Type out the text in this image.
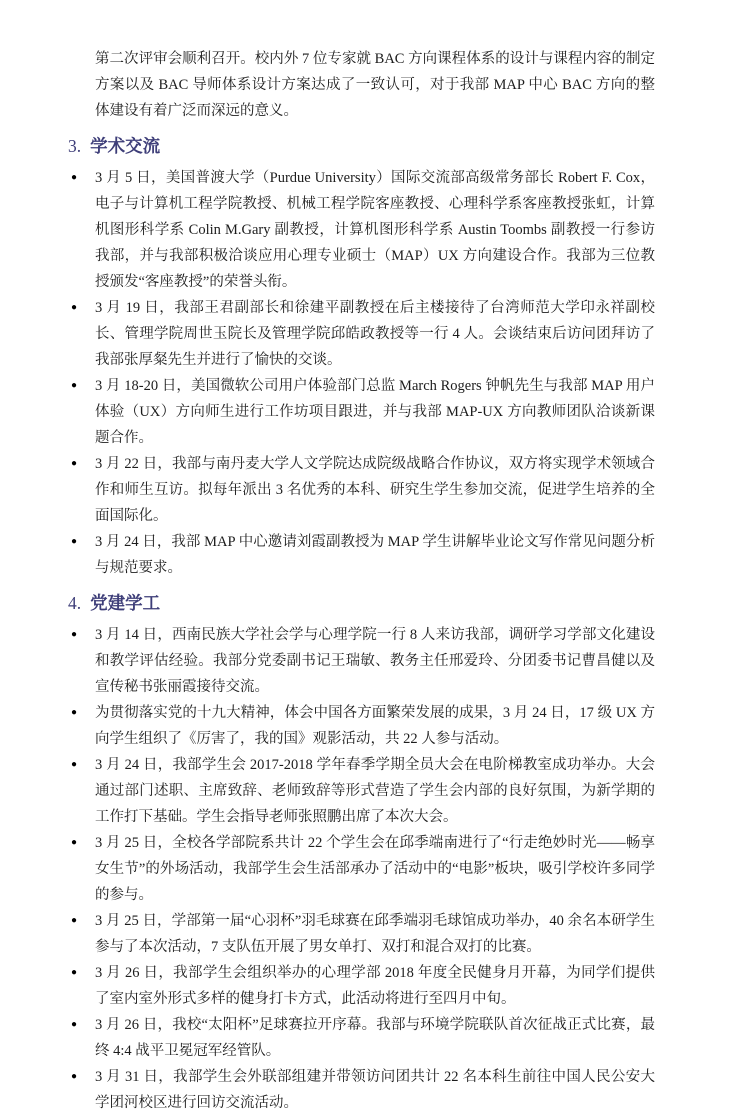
第二次评审会顺利召开。校内外 7 位专家就 BAC 方向课程体系的设计与课程内容的制定方案以及 BAC 导师体系设计方案达成了一致认可，对于我部 MAP 中心 BAC 方向的整体建设有着广泛而深远的意义。

3. 学术交流
●	3 月 5 日，美国普渡大学（Purdue University）国际交流部高级常务部长 Robert F. Cox，电子与计算机工程学院教授、机械工程学院客座教授、心理科学系客座教授张虹，计算机图形科学系 Colin M.Gary 副教授，计算机图形科学系 Austin Toombs 副教授一行参访我部，并与我部积极洽谈应用心理专业硕士（MAP）UX 方向建设合作。我部为三位教授颁发“客座教授”的荣誉头衔。
●	3 月 19 日，我部王君副部长和徐建平副教授在后主楼接待了台湾师范大学印永祥副校长、管理学院周世玉院长及管理学院邱皓政教授等一行 4 人。会谈结束后访问团拜访了我部张厚粲先生并进行了愉快的交谈。
●	3 月 18-20 日，美国微软公司用户体验部门总监 March Rogers 钟帆先生与我部 MAP 用户体验（UX）方向师生进行工作坊项目跟进，并与我部 MAP-UX 方向教师团队洽谈新课题合作。
●	3 月 22 日，我部与南丹麦大学人文学院达成院级战略合作协议，双方将实现学术领域合作和师生互访。拟每年派出 3 名优秀的本科、研究生学生参加交流，促进学生培养的全面国际化。
●	3 月 24 日，我部 MAP 中心邀请刘霞副教授为 MAP 学生讲解毕业论文写作常见问题分析与规范要求。
4. 党建学工
●	3 月 14 日，西南民族大学社会学与心理学院一行 8 人来访我部，调研学习学部文化建设和教学评估经验。我部分党委副书记王瑞敏、教务主任邢爱玲、分团委书记曹昌健以及宣传秘书张丽霞接待交流。
●	为贯彻落实党的十九大精神，体会中国各方面繁荣发展的成果，3 月 24 日，17 级 UX 方向学生组织了《厉害了，我的国》观影活动，共 22 人参与活动。
●	3 月 24 日，我部学生会 2017-2018 学年春季学期全员大会在电阶梯教室成功举办。大会通过部门述职、主席致辞、老师致辞等形式营造了学生会内部的良好氛围，为新学期的工作打下基础。学生会指导老师张照鹏出席了本次大会。
●	3 月 25 日，全校各学部院系共计 22 个学生会在邱季端南进行了“行走绝妙时光——畅享女生节”的外场活动，我部学生会生活部承办了活动中的“电影”板块，吸引学校许多同学的参与。
●	3 月 25 日，学部第一届“心羽杯”羽毛球赛在邱季端羽毛球馆成功举办，40 余名本研学生参与了本次活动，7 支队伍开展了男女单打、双打和混合双打的比赛。
●	3 月 26 日，我部学生会组织举办的心理学部 2018 年度全民健身月开幕，为同学们提供了室内室外形式多样的健身打卡方式，此活动将进行至四月中旬。
●	3 月 26 日，我校“太阳杯”足球赛拉开序幕。我部与环境学院联队首次征战正式比赛，最终 4:4 战平卫冕冠军经管队。
●	3 月 31 日，我部学生会外联部组建并带领访问团共计 22 名本科生前往中国人民公安大学团河校区进行回访交流活动。
